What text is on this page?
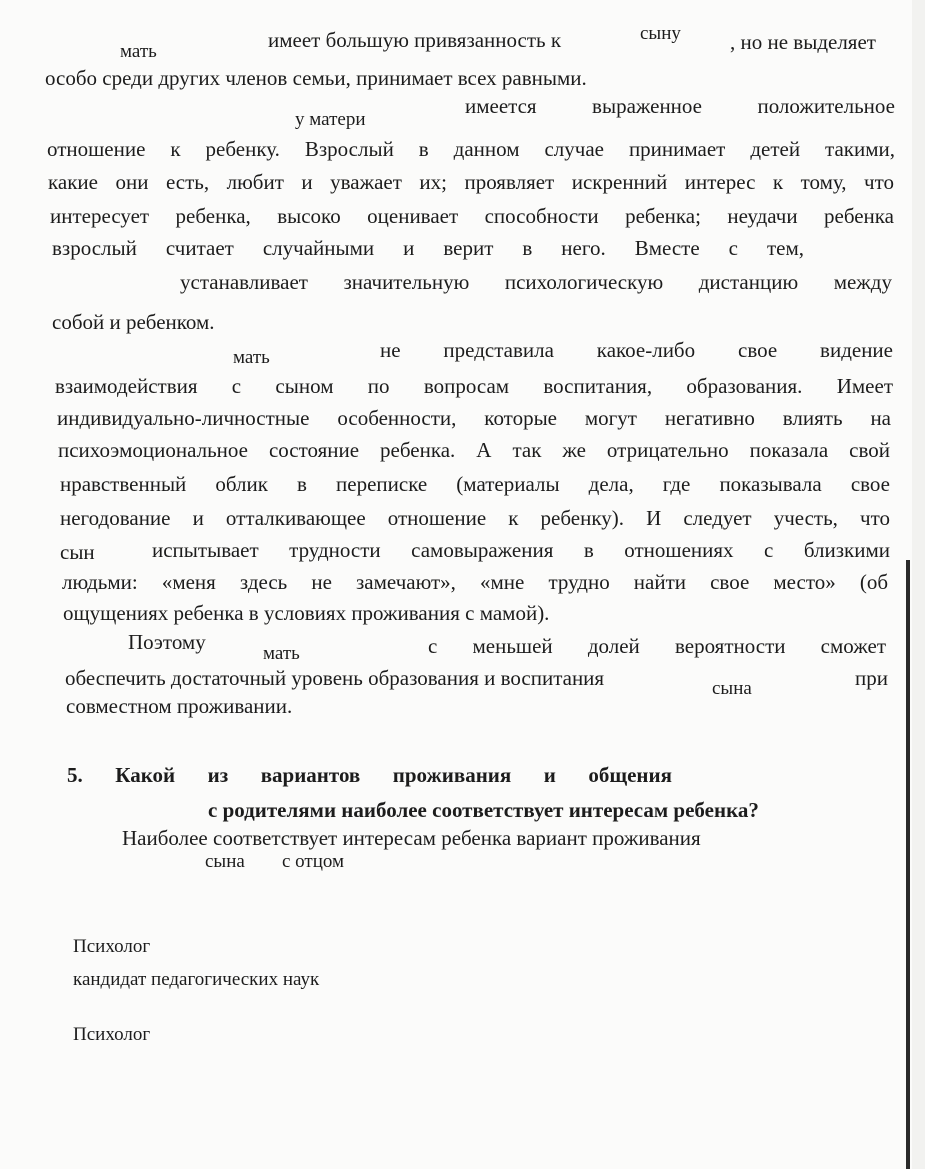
мать	имеет большую привязанность к	сыну , но не выделяет
особо среди других членов семьи, принимает всех равными.
у матери
имеется выраженное положительное
отношение к ребенку. Взрослый в данном случае принимает детей такими,
какие они есть, любит и уважает их; проявляет искренний интерес к тому, что
интересует ребенка, высоко оценивает способности ребенка; неудачи ребенка
взрослый считает случайными и верит в него. Вместе с тем,
устанавливает значительную психологическую дистанцию между
собой и ребенком.
мать	не представила какое-либо свое видение
взаимодействия с сыном по вопросам воспитания, образования. Имеет
индивидуально-личностные особенности, которые могут негативно влиять на
психоэмоциональное состояние ребенка. А так же отрицательно показала свой
нравственный облик в переписке (материалы дела, где показывала свое
негодование и отталкивающее отношение к ребенку). И следует учесть, что
сын	испытывает трудности самовыражения в отношениях с близкими
людьми: «меня здесь не замечают», «мне трудно найти свое место» (об
ощущениях ребенка в условиях проживания с мамой).
Поэтому	мать	с меньшей долей вероятности сможет
обеспечить достаточный уровень образования и воспитания	сына	при
совместном проживании.
5. Какой из вариантов проживания и общения
с родителями наиболее соответствует интересам ребенка?
Наиболее соответствует интересам ребенка вариант проживания
сына с отцом
Психолог
кандидат педагогических наук
Психолог
